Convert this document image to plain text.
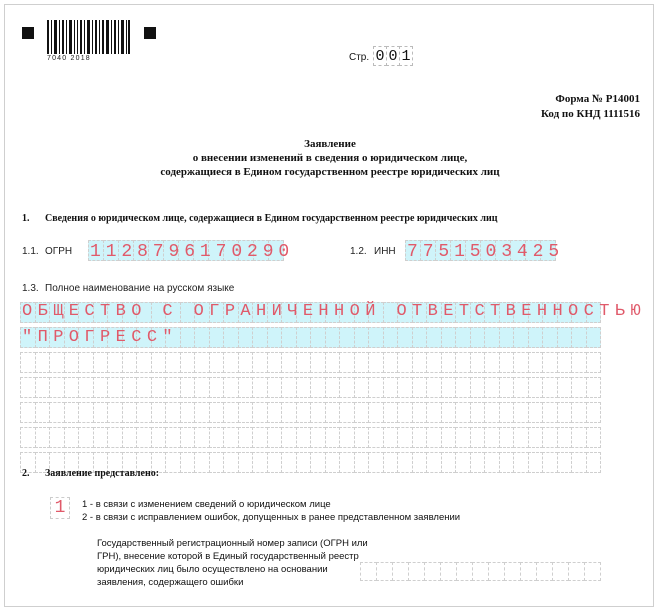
7040 2018	Стр. 0 0 1
Форма № Р14001
Код по КНД 1111516
Заявление
о внесении изменений в сведения о юридическом лице,
содержащиеся в Едином государственном реестре юридических лиц
1. Сведения о юридическом лице, содержащиеся в Едином государственном реестре юридических лиц
1.1. ОГРН 1128796170290	1.2. ИНН 7751503425
1.3. Полное наименование на русском языке
ОБЩЕСТВО С ОГРАНИЧЕННОЙ ОТВЕТСТВЕННОСТЬЮ
"ПРОГРЕСС"
2. Заявление представлено:
1	1 - в связи с изменением сведений о юридическом лице
2 - в связи с исправлением ошибок, допущенных в ранее представленном заявлении
Государственный регистрационный номер записи (ОГРН или ГРН), внесение которой в Единый государственный реестр юридических лиц было осуществлено на основании заявления, содержащего ошибки
